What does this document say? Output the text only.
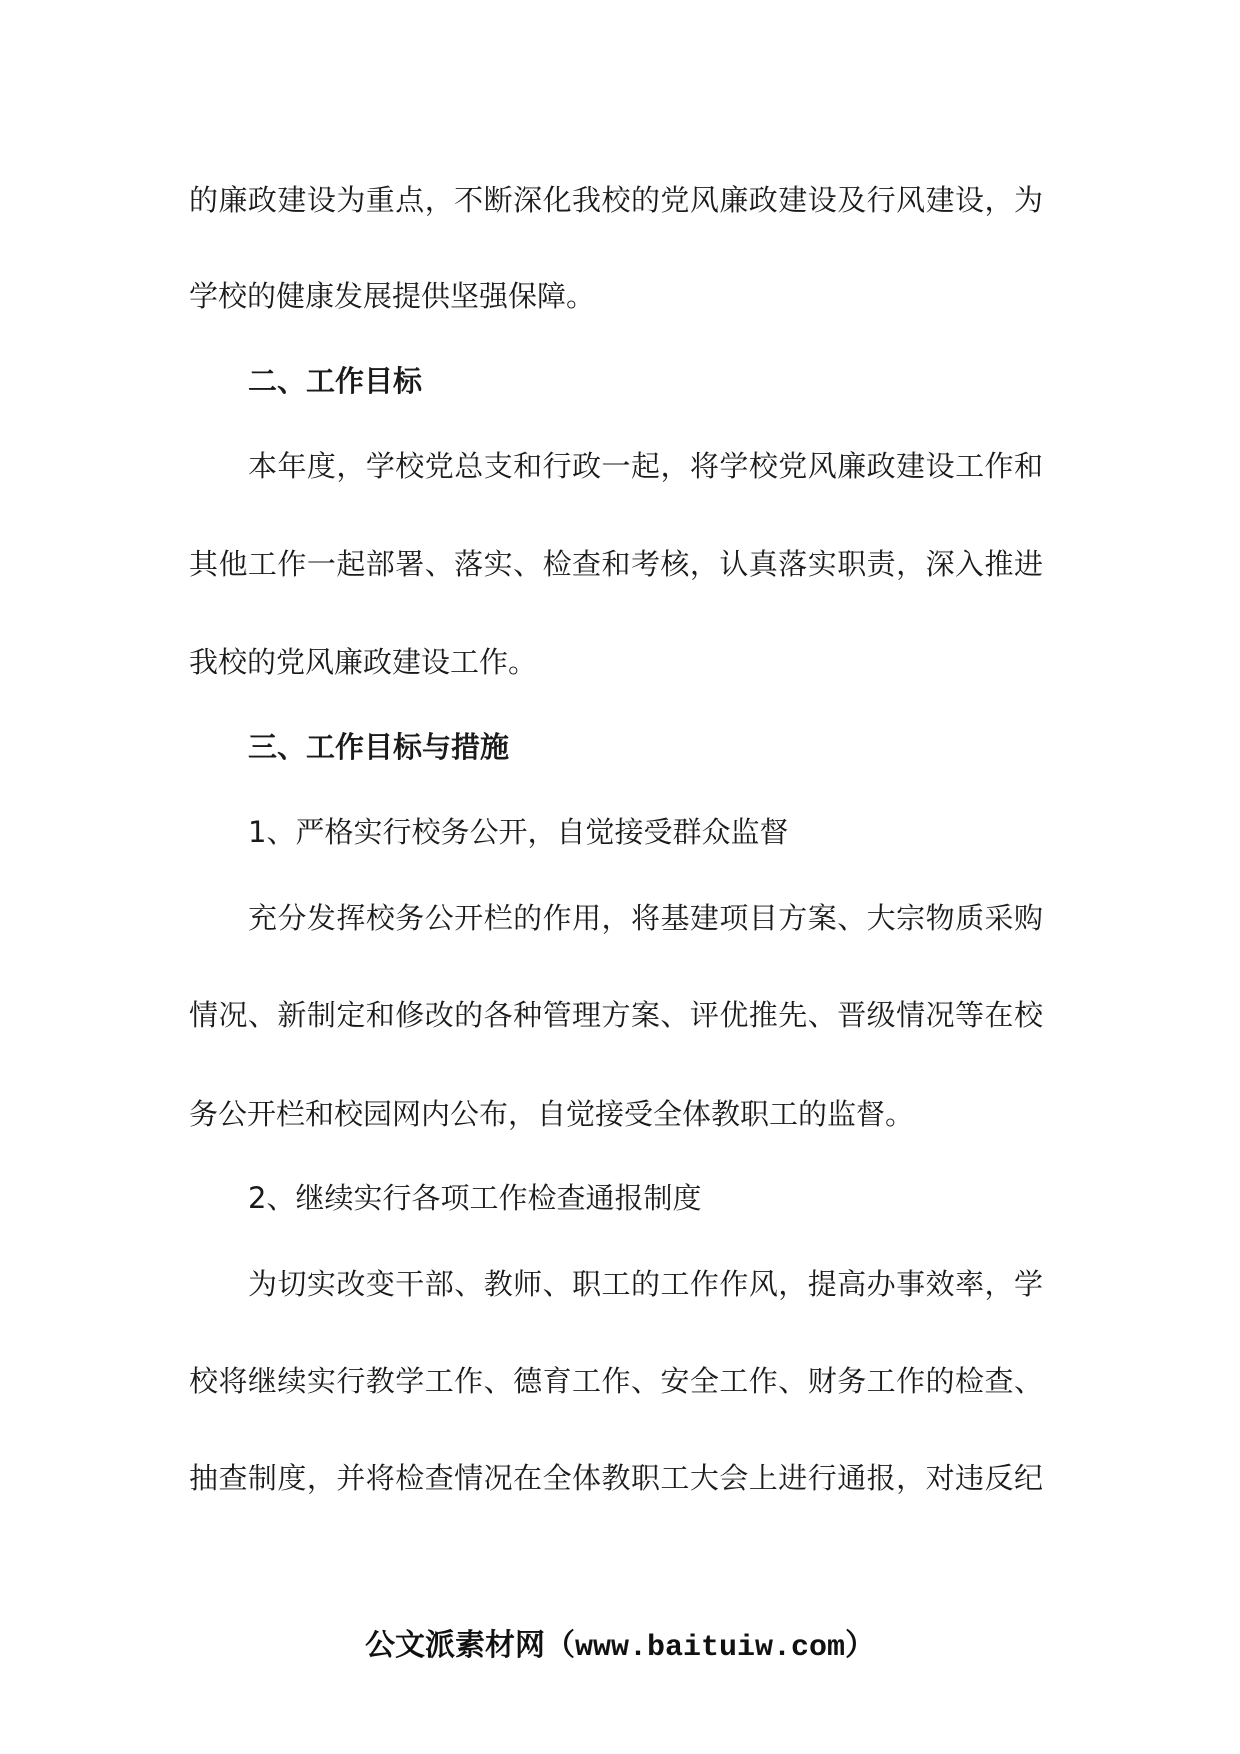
的廉政建设为重点，不断深化我校的党风廉政建设及行风建设，为
学校的健康发展提供坚强保障。
二、工作目标
本年度，学校党总支和行政一起，将学校党风廉政建设工作和
其他工作一起部署、落实、检查和考核，认真落实职责，深入推进
我校的党风廉政建设工作。
三、工作目标与措施
1、严格实行校务公开，自觉接受群众监督
充分发挥校务公开栏的作用，将基建项目方案、大宗物质采购
情况、新制定和修改的各种管理方案、评优推先、晋级情况等在校
务公开栏和校园网内公布，自觉接受全体教职工的监督。
2、继续实行各项工作检查通报制度
为切实改变干部、教师、职工的工作作风，提高办事效率，学
校将继续实行教学工作、德育工作、安全工作、财务工作的检查、
抽查制度，并将检查情况在全体教职工大会上进行通报，对违反纪
公文派素材网（www.baituiw.com）
